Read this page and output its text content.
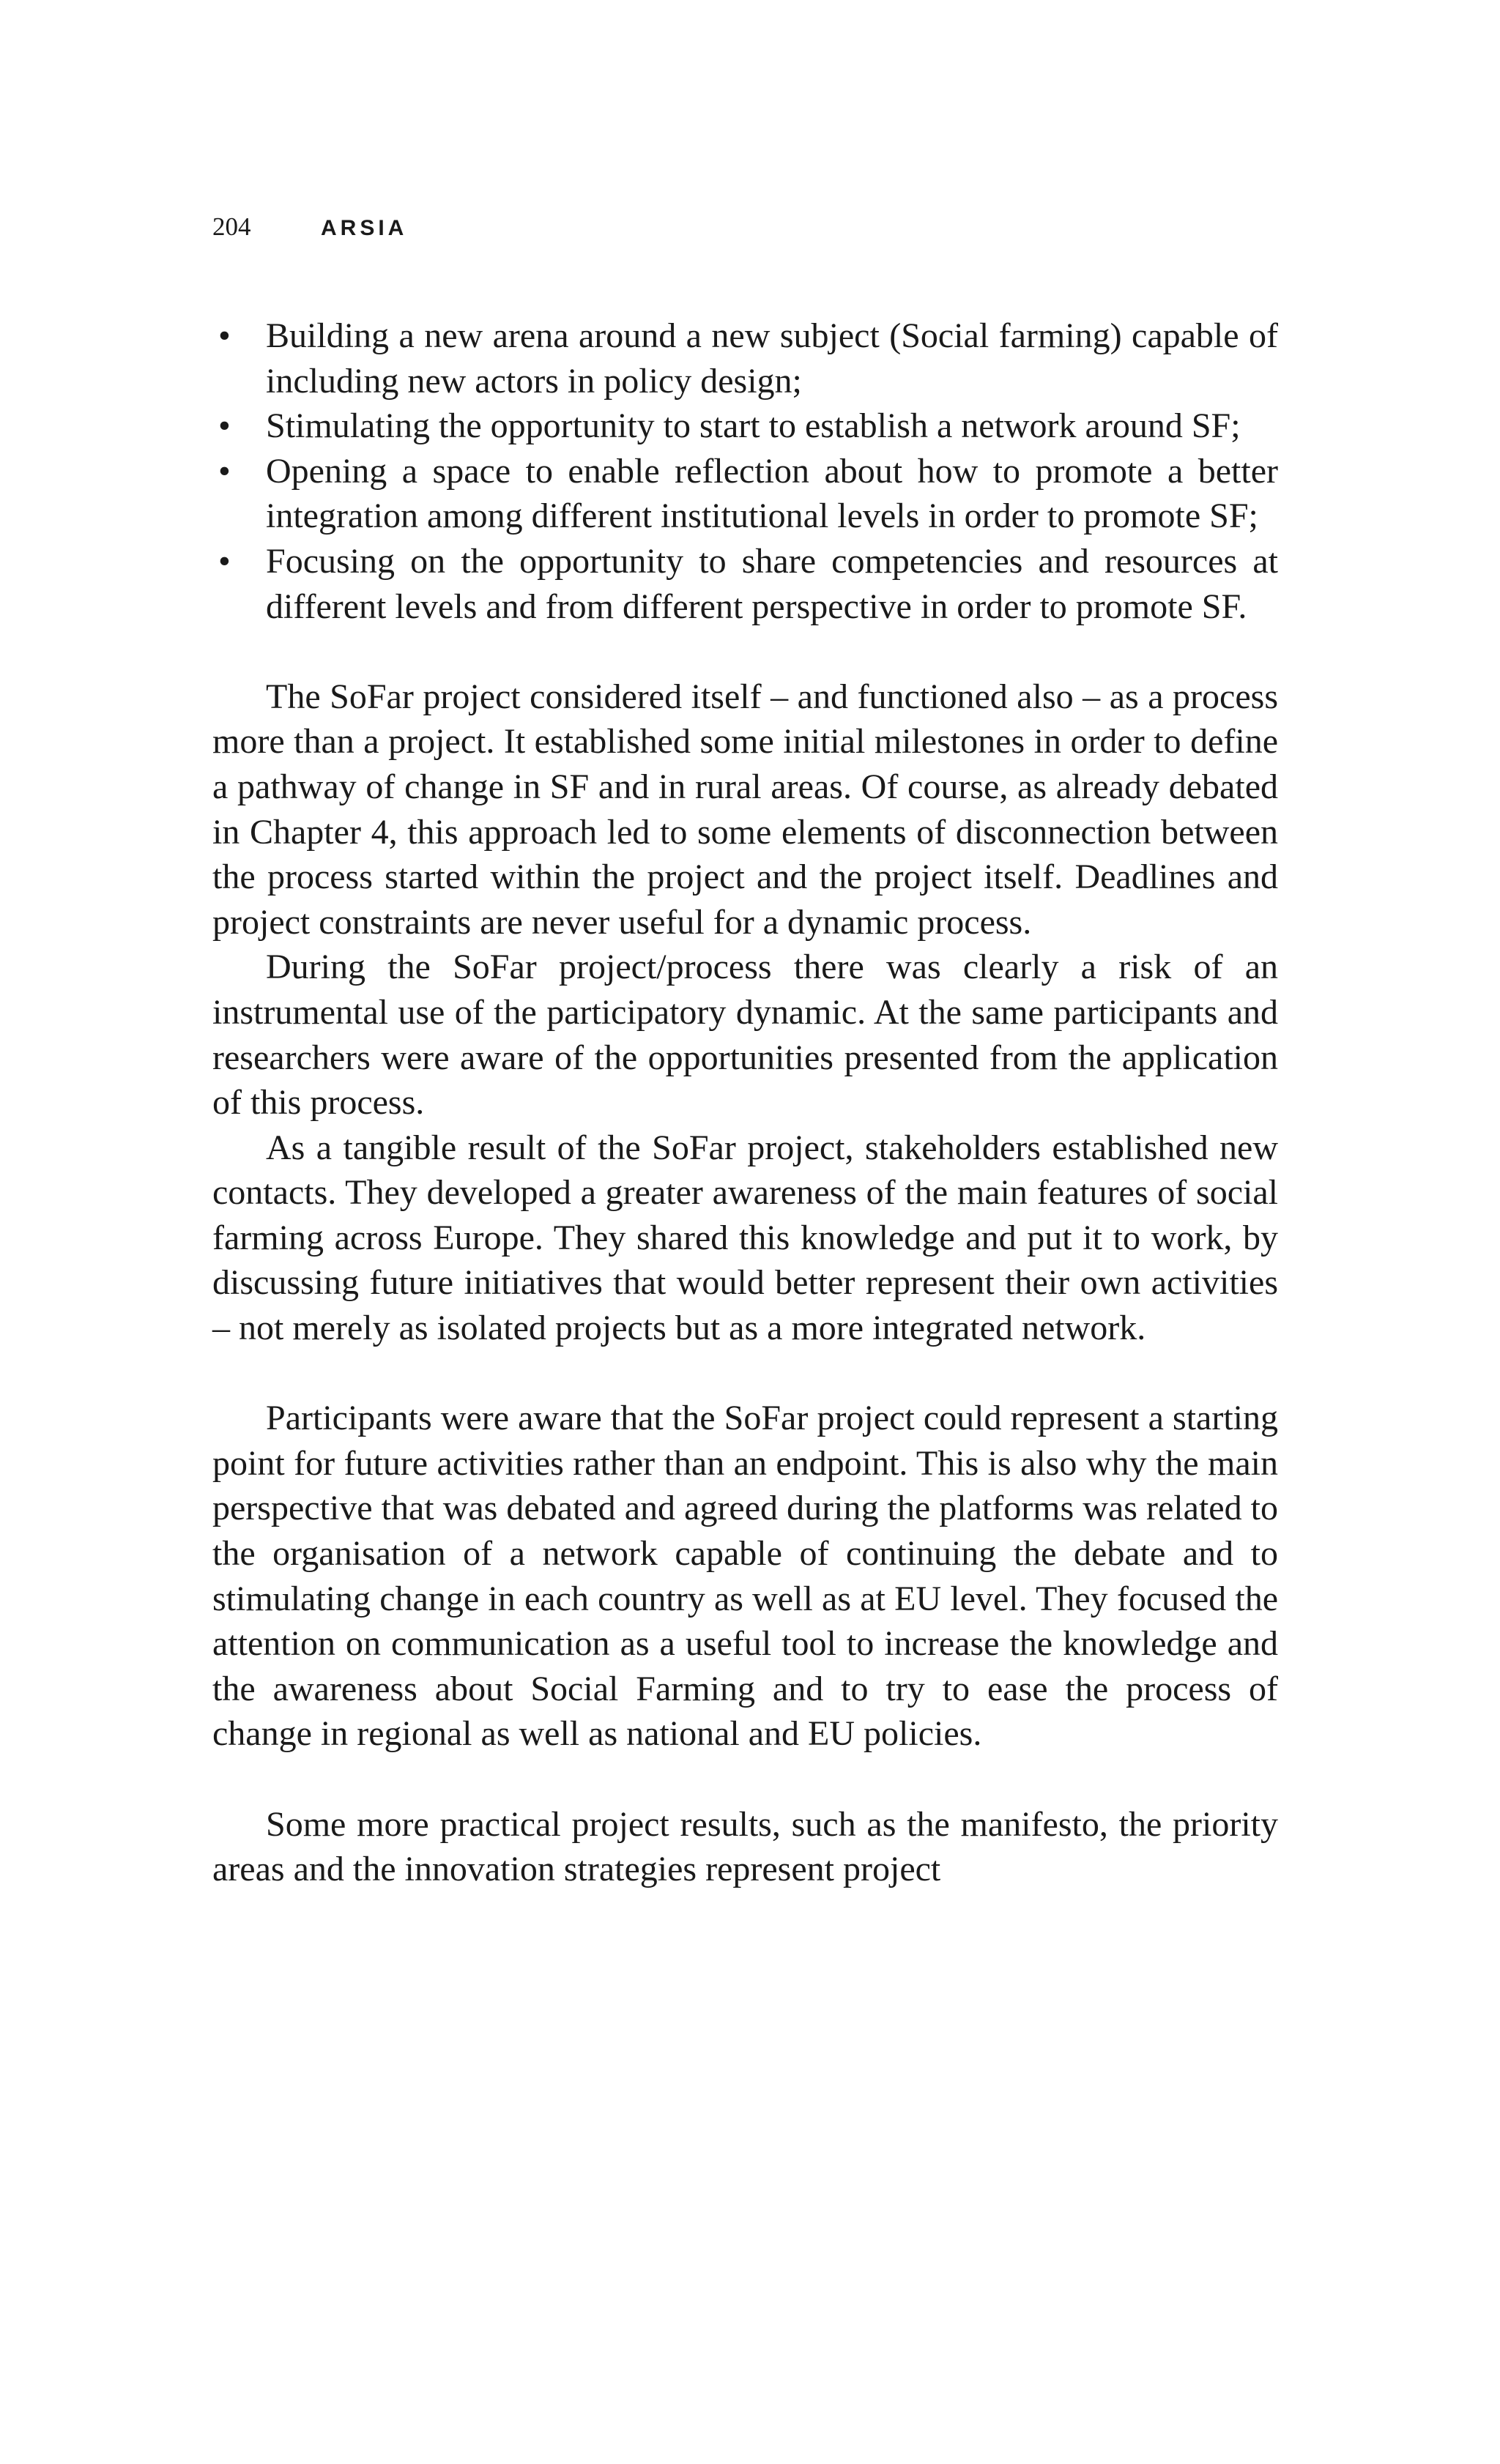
204	ARSIA
• Building a new arena around a new subject (Social farming) capable of including new actors in policy design;
• Stimulating the opportunity to start to establish a network around SF;
• Opening a space to enable reflection about how to promote a better integration among different institutional levels in order to promote SF;
• Focusing on the opportunity to share competencies and resources at different levels and from different perspective in order to promote SF.

The SoFar project considered itself – and functioned also – as a process more than a project. It established some initial milestones in order to define a pathway of change in SF and in rural areas. Of course, as already debated in Chapter 4, this approach led to some elements of disconnection between the process started within the project and the project itself. Deadlines and project constraints are never useful for a dynamic process.

During the SoFar project/process there was clearly a risk of an instrumental use of the participatory dynamic. At the same participants and researchers were aware of the opportunities presented from the application of this process.

As a tangible result of the SoFar project, stakeholders established new contacts. They developed a greater awareness of the main features of social farming across Europe. They shared this knowledge and put it to work, by discussing future initiatives that would better represent their own activities – not merely as isolated projects but as a more integrated network.

Participants were aware that the SoFar project could represent a starting point for future activities rather than an endpoint. This is also why the main perspective that was debated and agreed during the platforms was related to the organisation of a network capable of continuing the debate and to stimulating change in each country as well as at EU level. They focused the attention on communication as a useful tool to increase the knowledge and the awareness about Social Farming and to try to ease the process of change in regional as well as national and EU policies.

Some more practical project results, such as the manifesto, the priority areas and the innovation strategies represent project
